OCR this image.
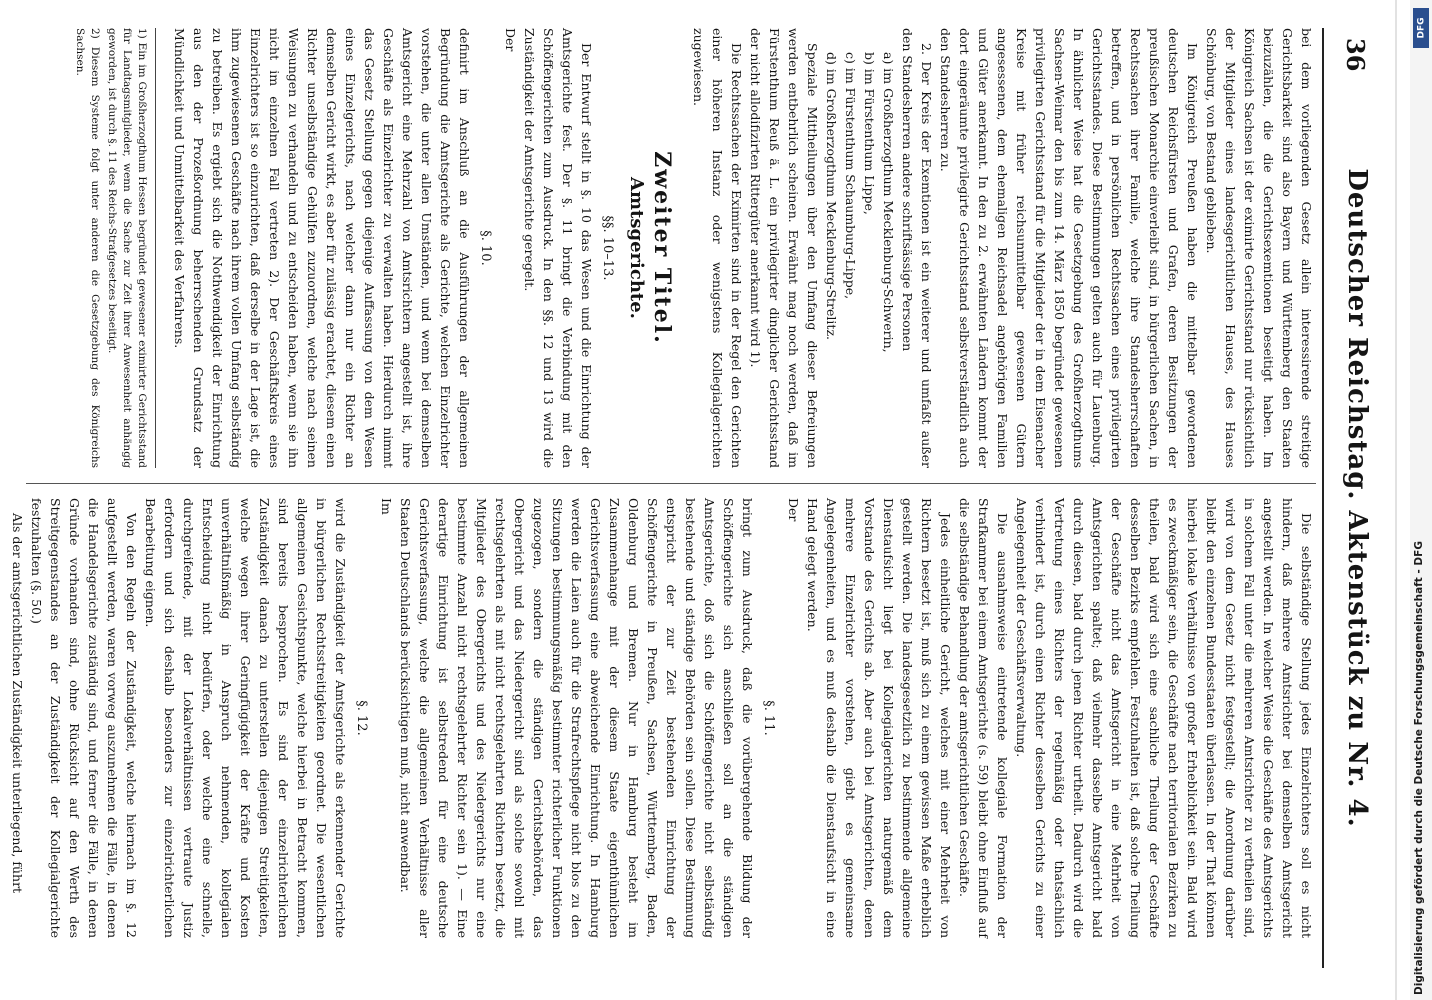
36
Deutscher Reichstag. Aktenstück zu Nr. 4.

bei dem vorliegenden Gesetz allein interessirende streitige Gerichtsbarkeit sind also Bayern und Württemberg den Staaten beizuzählen, die die Gerichtsexemtionen beseitigt haben. Im Königreich Sachsen ist der eximirte Gerichtsstand nur rücksichtlich der Mitglieder eines landesgerichtlichen Hauses, des Hauses Schönburg, von Bestand geblieben.

Im Königreich Preußen haben die mittelbar gewordenen deutschen Reichsfürsten und Grafen, deren Besitzungen der preußischen Monarchie einverleibt sind, in bürgerlichen Sachen, in Rechtssachen ihrer Familie, welche ihre Standesherrschaften betreffen, und in persönlichen Rechtssachen eines privilegirten Gerichtsstandes. Diese Bestimmungen gelten auch für Lauenburg. In ähnlicher Weise hat die Gesetzgebung des Großherzogthums Sachsen-Weimar den bis zum 14. März 1850 begründet gewesenen privilegirten Gerichtsstand für die Mitglieder der in dem Eisenacher Kreise mit früher reichsunmittelbar gewesenen Gütern angesessenen, dem ehemaligen Reichsadel angehörigen Familien und Güter anerkannt. In den zu 2. erwähnten Ländern kommt der dort eingeräumte privilegirte Gerichtsstand selbstverständlich auch den Standesherren zu.

2. Der Kreis der Exemtionen ist ein weiterer und umfaßt außer den Standesherren andere schriftsässige Personen

a) im Großherzogthum Mecklenburg-Schwerin,

b) im Fürstenthum Lippe,

c) im Fürstenthum Schaumburg-Lippe,

d) im Großherzogthum Mecklenburg-Strelitz.

Speziale Mittheilungen über den Umfang dieser Befreiungen werden entbehrlich scheinen. Erwähnt mag noch werden, daß im Fürstenthum Reuß ä. L. ein privilegirter dinglicher Gerichtsstand der nicht allodifizirten Rittergüter anerkannt wird 1).

Die Rechtssachen der Eximirten sind in der Regel den Gerichten einer höheren Instanz oder wenigstens Kollegialgerichten zugewiesen.

Zweiter Titel.
Amtsgerichte.
§§. 10–13.

Der Entwurf stellt in §. 10 das Wesen und die Einrichtung der Amtsgerichte fest. Der §. 11 bringt die Verbindung mit den Schöffengerichten zum Ausdruck. In den §§. 12 und 13 wird die Zuständigkeit der Amtsgerichte geregelt.

Der

§. 10.

definirt im Anschluß an die Ausführungen der allgemeinen Begründung die Amtsgerichte als Gerichte, welchen Einzelrichter vorstehen, die unter allen Umständen, und wenn bei demselben Amtsgericht eine Mehrzahl von Amtsrichtern angestellt ist, ihre Geschäfte als Einzelrichter zu verwalten haben. Hierdurch nimmt das Gesetz Stellung gegen diejenige Auffassung von dem Wesen eines Einzelgerichts, nach welcher dann nur ein Richter an demselben Gericht wirkt, es aber für zulässig erachtet, diesem einen Richter unselbständige Gehülfen zuzuordnen, welche nach seinen Weisungen zu verhandeln und zu entscheiden haben, wenn sie ihn nicht im einzelnen Fall vertreten 2). Der Geschäftskreis eines Einzelrichters ist so einzurichten, daß derselbe in der Lage ist, die ihm zugewiesenen Geschäfte nach ihrem vollen Umfang selbständig zu betreiben. Es ergiebt sich die Nothwendigkeit der Einrichtung aus den der Prozeßordnung beherrschenden Grundsatz der Mündlichkeit und Unmittelbarkeit des Verfahrens.

1) Ein im Großherzogthum Hessen begründet gewesener eximirter Gerichtsstand für Landtagsmitglieder, wenn die Sache zur Zeit ihrer Anwesenheit anhängig geworden, ist durch §. 11 des Reichs-Strafgesetzes beseitigt.

2) Diesem Systeme folgt unter anderen die Gesetzgebung des Königreichs Sachsen.

Die selbständige Stellung jedes Einzelrichters soll es nicht hindern, daß mehrere Amtsrichter bei demselben Amtsgericht angestellt werden. In welcher Weise die Geschäfte des Amtsgerichts in solchem Fall unter die mehreren Amtsrichter zu vertheilen sind, wird von dem Gesetz nicht festgestellt; die Anordnung darüber bleibt den einzelnen Bundesstaaten überlassen. In der That können hierbei lokale Verhältnisse von großer Erheblichkeit sein. Bald wird es zweckmäßiger sein, die Geschäfte nach territorialen Bezirken zu theilen, bald wird sich eine sachliche Theilung der Geschäfte desselben Bezirks empfehlen. Festzuhalten ist, daß solche Theilung der Geschäfte nicht das Amtsgericht in eine Mehrheit von Amtsgerichten spaltet; daß vielmehr dasselbe Amtsgericht bald durch diesen, bald durch jenen Richter urtheilt. Dadurch wird die Vertretung eines Richters der regelmäßig oder thatsächlich verhindert ist, durch einen Richter desselben Gerichts zu einer Angelegenheit der Geschäftsverwaltung.

Die ausnahmsweise eintretende kollegiale Formation der Strafkammer bei einem Amtsgerichte (s. 59) bleibt ohne Einfluß auf die selbständige Behandlung der amtsgerichtlichen Geschäfte.

Jedes einheitliche Gericht, welches mit einer Mehrheit von Richtern besetzt ist, muß sich zu einem gewissen Maße erheblich gestellt werden. Die landesgesetzlich zu bestimmende allgemeine Dienstaufsicht liegt bei Kollegialgerichten naturgemäß dem Vorstande des Gerichts ab. Aber auch bei Amtsgerichten, denen mehrere Einzelrichter vorstehen, giebt es gemeinsame Angelegenheiten, und es muß deshalb die Dienstaufsicht in eine Hand gelegt werden.

Der

§. 11.

bringt zum Ausdruck, daß die vorübergehende Bildung der Schöffengerichte sich anschließen soll an die ständigen Amtsgerichte, doß sich die Schöffengerichte nicht selbständig bestehende und ständige Behörden sein sollen. Diese Bestimmung entspricht der zur Zeit bestehenden Einrichtung der Schöffengerichte in Preußen, Sachsen, Württemberg, Baden, Oldenburg und Bremen. Nur in Hamburg besteht im Zusammenhange mit der diesem Staate eigenthümlichen Gerichtsverfassung eine abweichende Einrichtung. In Hamburg werden die Laien auch für die Strafrechtspflege nicht blos zu den Sitzungen bestimmungsmäßig bestimmter richterlicher Funktionen zugezogen, sondern die ständigen Gerichtsbehörden, das Obergericht und das Niedergericht sind als solche sowohl mit rechtsgelehrten als mit nicht rechtsgelehrten Richtern besetzt, die Mitglieder des Obergerichts und des Niedergerichts nur eine bestimmte Anzahl nicht rechtsgelehrter Richter sein 1). — Eine derartige Einrichtung ist selbstredend für eine deutsche Gerichtsverfassung, welche die allgemeinen Verhältnisse aller Staaten Deutschlands berücksichtigen muß, nicht anwendbar.

Im

§. 12.

wird die Zuständigkeit der Amtsgerichte als erkennender Gerichte in bürgerlichen Rechtsstreitigkeiten geordnet. Die wesentlichen allgemeinen Gesichtspunkte, welche hierbei in Betracht kommen, sind bereits besprochen. Es sind der einzelrichterlichen Zuständigkeit danach zu unterstellen diejenigen Streitigkeiten, welche wegen ihrer Geringfügigkeit der Kräfte und Kosten unverhältnißmäßig in Anspruch nehmenden, kollegialen Entscheidung nicht bedürfen, oder welche eine schnelle, durchgreifende, mit der Lokalverhältnissen vertraute Justiz erfordern und sich deshalb besonders zur einzelrichterlichen Bearbeitung eignen.

Von den Regeln der Zuständigkeit, welche hiernach im §. 12 aufgestellt werden, waren vorweg auszunehmen die Fälle, in denen die Handelsgerichte zuständig sind, und ferner die Fälle, in denen Gründe vorhanden sind, ohne Rücksicht auf den Werth des Streitgegenstandes an der Zuständigkeit der Kollegialgerichte festzuhalten (§. 50.)

Als der amtsgerichtlichen Zuständigkeit unterliegend, führt

DFG
Digitalisierung gefördert durch die Deutsche Forschungsgemeinschaft - DFG
